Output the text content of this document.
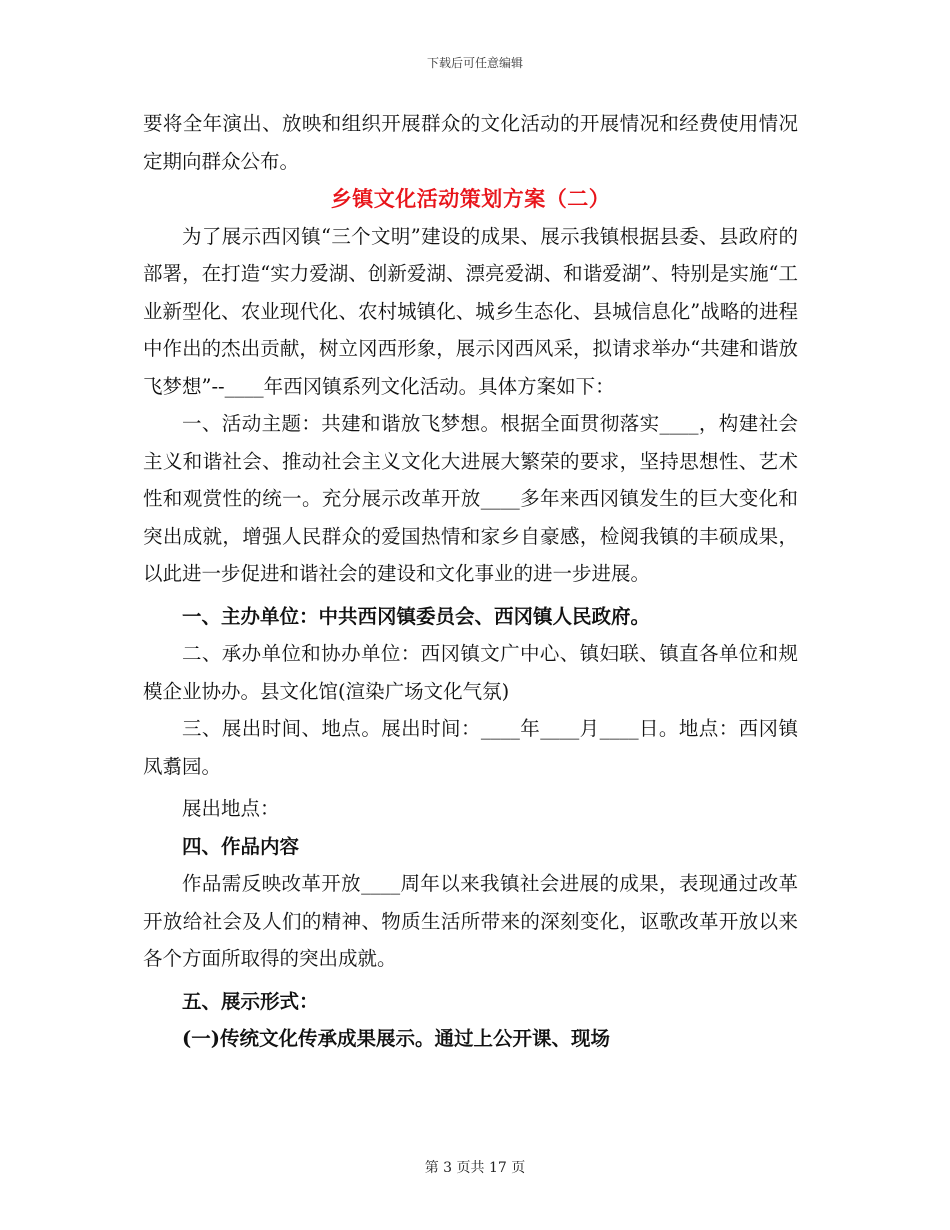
下载后可任意编辑

要将全年演出、放映和组织开展群众的文化活动的开展情况和经费使用情况定期向群众公布。

乡镇文化活动策划方案（二）

为了展示西冈镇“三个文明”建设的成果、展示我镇根据县委、县政府的部署，在打造“实力爱湖、创新爱湖、漂亮爱湖、和谐爱湖”、特别是实施“工业新型化、农业现代化、农村城镇化、城乡生态化、县城信息化”战略的进程中作出的杰出贡献，树立冈西形象，展示冈西风采，拟请求举办“共建和谐放飞梦想”--____年西冈镇系列文化活动。具体方案如下：

一、活动主题：共建和谐放飞梦想。根据全面贯彻落实____，构建社会主义和谐社会、推动社会主义文化大进展大繁荣的要求，坚持思想性、艺术性和观赏性的统一。充分展示改革开放____多年来西冈镇发生的巨大变化和突出成就，增强人民群众的爱国热情和家乡自豪感，检阅我镇的丰硕成果，以此进一步促进和谐社会的建设和文化事业的进一步进展。

一、主办单位：中共西冈镇委员会、西冈镇人民政府。

二、承办单位和协办单位：西冈镇文广中心、镇妇联、镇直各单位和规模企业协办。县文化馆(渲染广场文化气氛)

三、展出时间、地点。展出时间：____年____月____日。地点：西冈镇凤翥园。

展出地点：

四、作品内容

作品需反映改革开放____周年以来我镇社会进展的成果，表现通过改革开放给社会及人们的精神、物质生活所带来的深刻变化，讴歌改革开放以来各个方面所取得的突出成就。

五、展示形式：

(一)传统文化传承成果展示。通过上公开课、现场

第 3 页共 17 页
